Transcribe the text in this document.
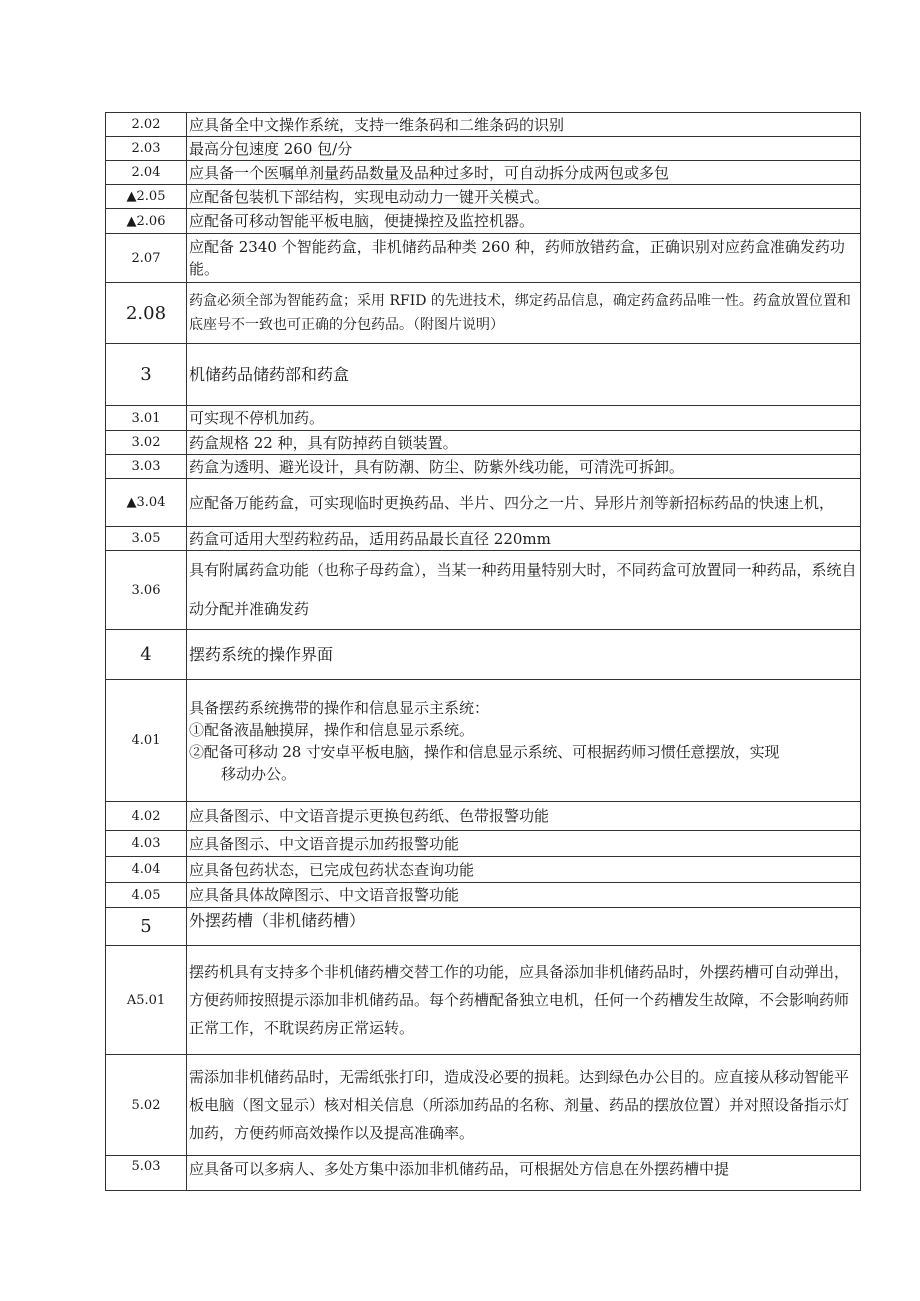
2.02	应具备全中文操作系统，支持一维条码和二维条码的识别
2.03	最高分包速度 260 包/分
2.04	应具备一个医嘱单剂量药品数量及品种过多时，可自动拆分成两包或多包
▲2.05	应配备包装机下部结构，实现电动动力一键开关模式。
▲2.06	应配备可移动智能平板电脑，便捷操控及监控机器。
2.07	应配备 2340 个智能药盒，非机储药品种类 260 种，药师放错药盒，正确识别对应药盒准确发药功能。
2.08	药盒必须全部为智能药盒；采用 RFID 的先进技术，绑定药品信息，确定药盒药品唯一性。药盒放置位置和底座号不一致也可正确的分包药品。（附图片说明）
3	机储药品储药部和药盒
3.01	可实现不停机加药。
3.02	药盒规格 22 种，具有防掉药自锁装置。
3.03	药盒为透明、避光设计，具有防潮、防尘、防紫外线功能，可清洗可拆卸。
▲3.04	应配备万能药盒，可实现临时更换药品、半片、四分之一片、异形片剂等新招标药品的快速上机，
3.05	药盒可适用大型药粒药品，适用药品最长直径 220mm
3.06	具有附属药盒功能（也称子母药盒），当某一种药用量特别大时，不同药盒可放置同一种药品，系统自动分配并准确发药
4	摆药系统的操作界面
4.01	具备摆药系统携带的操作和信息显示主系统：
①配备液晶触摸屏，操作和信息显示系统。
②配备可移动 28 寸安卓平板电脑，操作和信息显示系统、可根据药师习惯任意摆放，实现
移动办公。

4.02	应具备图示、中文语音提示更换包药纸、色带报警功能
4.03	应具备图示、中文语音提示加药报警功能
4.04	应具备包药状态，已完成包药状态查询功能
4.05	应具备具体故障图示、中文语音报警功能
5	外摆药槽（非机储药槽）
A5.01	摆药机具有支持多个非机储药槽交替工作的功能，应具备添加非机储药品时，外摆药槽可自动弹出，方便药师按照提示添加非机储药品。每个药槽配备独立电机，任何一个药槽发生故障，不会影响药师正常工作，不耽误药房正常运转。
5.02	需添加非机储药品时，无需纸张打印，造成没必要的损耗。达到绿色办公目的。应直接从移动智能平板电脑（图文显示）核对相关信息（所添加药品的名称、剂量、药品的摆放位置）并对照设备指示灯加药，方便药师高效操作以及提高准确率。
5.03	应具备可以多病人、多处方集中添加非机储药品，可根据处方信息在外摆药槽中提
